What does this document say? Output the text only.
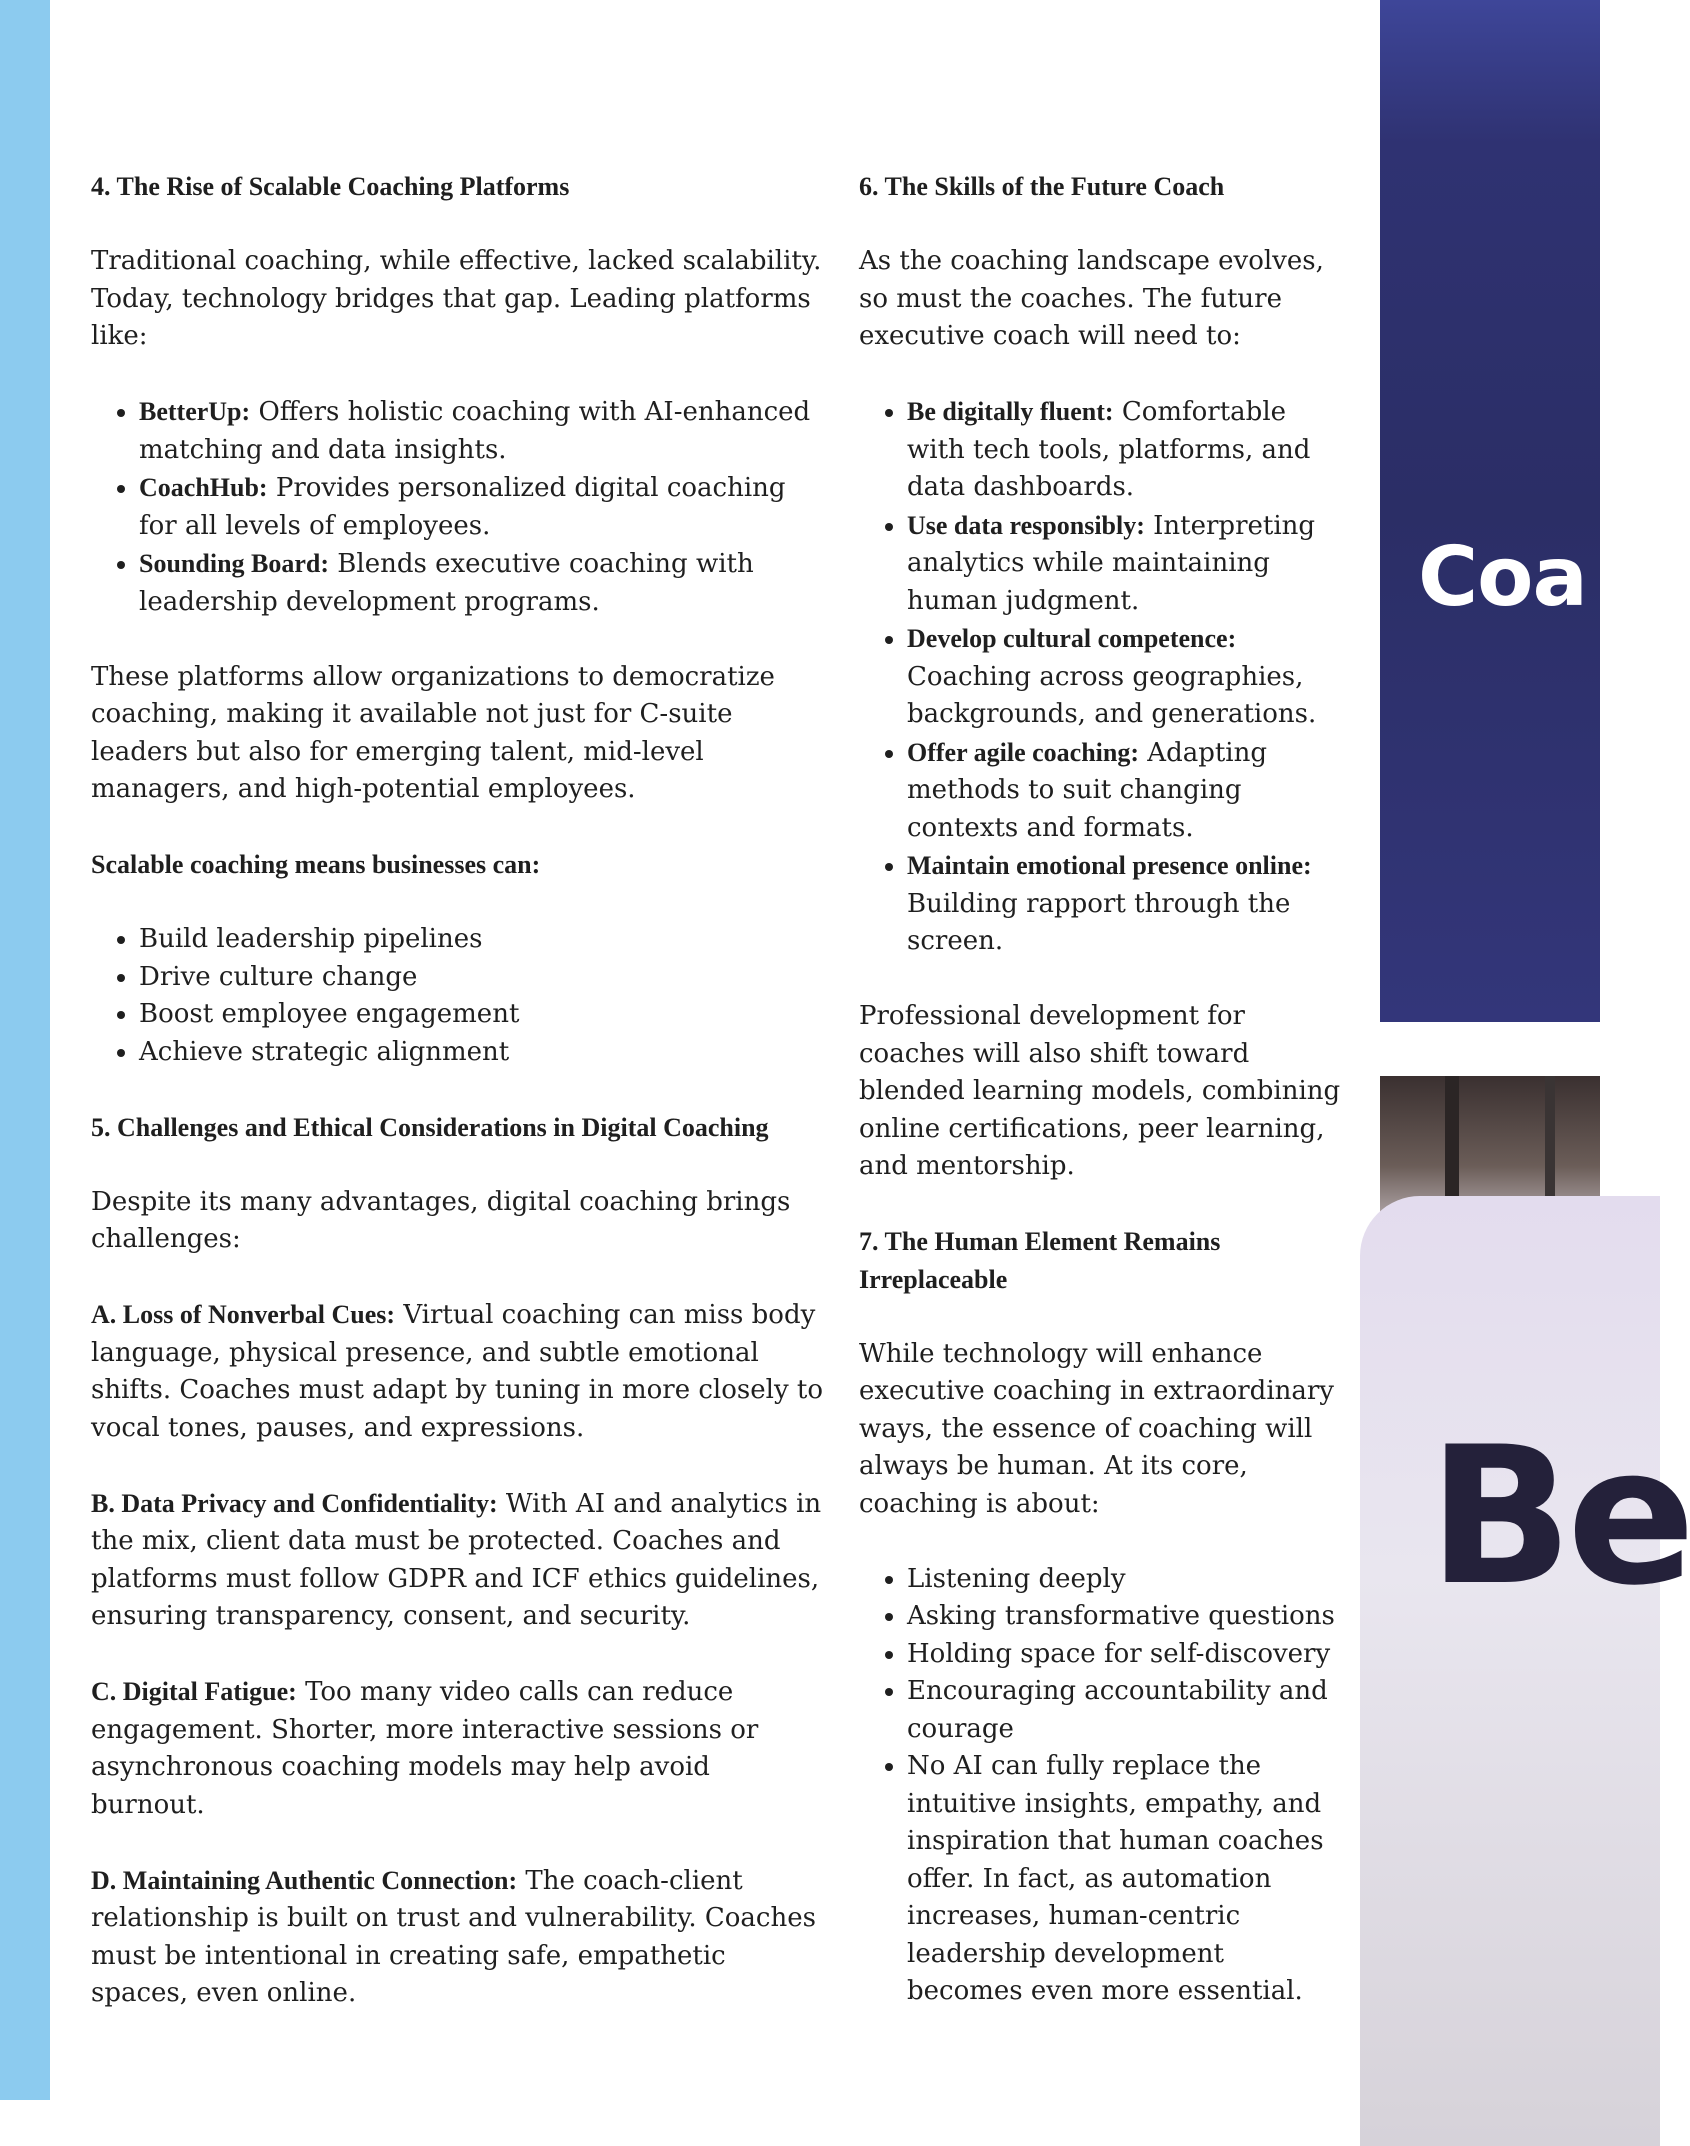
4. The Rise of Scalable Coaching Platforms

Traditional coaching, while effective, lacked scalability. Today, technology bridges that gap. Leading platforms like:

• BetterUp: Offers holistic coaching with AI-enhanced matching and data insights.
• CoachHub: Provides personalized digital coaching for all levels of employees.
• Sounding Board: Blends executive coaching with leadership development programs.

These platforms allow organizations to democratize coaching, making it available not just for C-suite leaders but also for emerging talent, mid-level managers, and high-potential employees.

Scalable coaching means businesses can:
• Build leadership pipelines
• Drive culture change
• Boost employee engagement
• Achieve strategic alignment
5. Challenges and Ethical Considerations in Digital Coaching

Despite its many advantages, digital coaching brings challenges:

A. Loss of Nonverbal Cues: Virtual coaching can miss body language, physical presence, and subtle emotional shifts. Coaches must adapt by tuning in more closely to vocal tones, pauses, and expressions.

B. Data Privacy and Confidentiality: With AI and analytics in the mix, client data must be protected. Coaches and platforms must follow GDPR and ICF ethics guidelines, ensuring transparency, consent, and security.

C. Digital Fatigue: Too many video calls can reduce engagement. Shorter, more interactive sessions or asynchronous coaching models may help avoid burnout.

D. Maintaining Authentic Connection: The coach-client relationship is built on trust and vulnerability. Coaches must be intentional in creating safe, empathetic spaces, even online.

6. The Skills of the Future Coach

As the coaching landscape evolves, so must the coaches. The future executive coach will need to:

• Be digitally fluent: Comfortable with tech tools, platforms, and data dashboards.
• Use data responsibly: Interpreting analytics while maintaining human judgment.
• Develop cultural competence: Coaching across geographies, backgrounds, and generations.
• Offer agile coaching: Adapting methods to suit changing contexts and formats.
• Maintain emotional presence online: Building rapport through the screen.

Professional development for coaches will also shift toward blended learning models, combining online certifications, peer learning, and mentorship.

7. The Human Element Remains Irreplaceable

While technology will enhance executive coaching in extraordinary ways, the essence of coaching will always be human. At its core, coaching is about:

• Listening deeply
• Asking transformative questions
• Holding space for self-discovery
• Encouraging accountability and courage
• No AI can fully replace the intuitive insights, empathy, and inspiration that human coaches offer. In fact, as automation increases, human-centric leadership development becomes even more essential.
Coa
Be
